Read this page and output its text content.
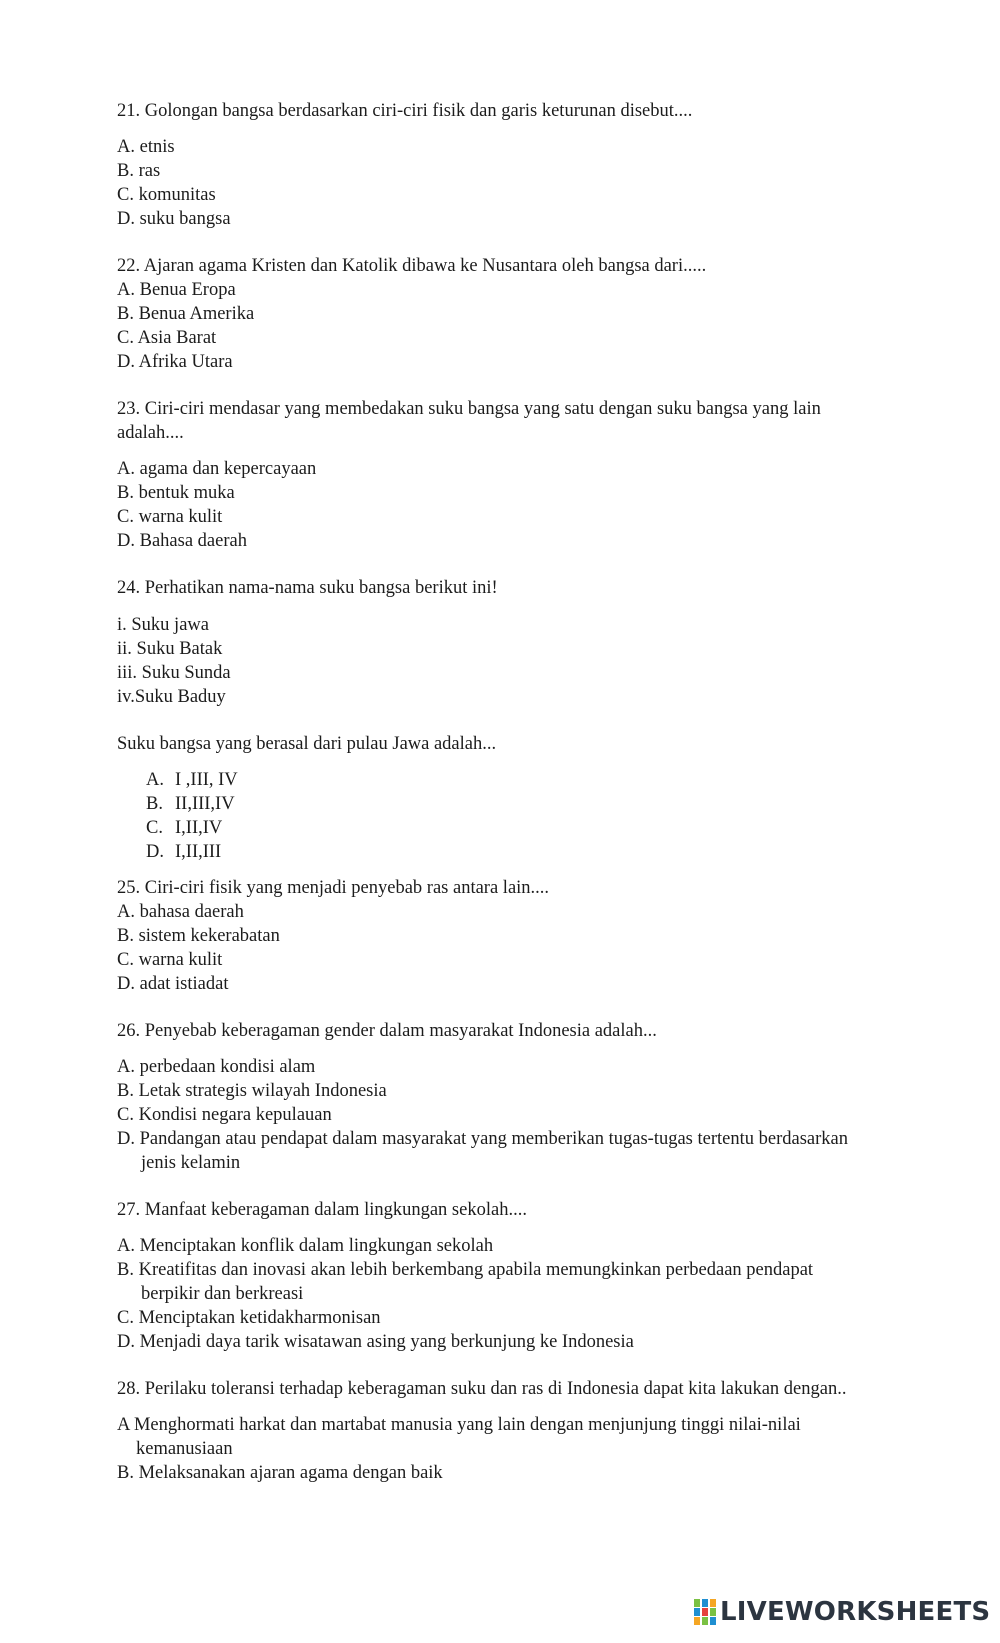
21. Golongan bangsa berdasarkan ciri-ciri fisik dan garis keturunan disebut....
A. etnis
B. ras
C. komunitas
D. suku bangsa
22. Ajaran agama Kristen dan Katolik dibawa ke Nusantara oleh bangsa dari.....
A. Benua Eropa
B. Benua Amerika
C. Asia Barat
D. Afrika Utara
23. Ciri-ciri mendasar yang membedakan suku bangsa yang satu dengan suku bangsa yang lain
adalah....
A. agama dan kepercayaan
B. bentuk muka
C. warna kulit
D. Bahasa daerah
24. Perhatikan nama-nama suku bangsa berikut ini!
i. Suku jawa
ii. Suku Batak
iii. Suku Sunda
iv.Suku Baduy
Suku bangsa yang berasal dari pulau Jawa adalah...
A. I ,III, IV
B. II,III,IV
C. I,II,IV
D. I,II,III
25. Ciri-ciri fisik yang menjadi penyebab ras antara lain....
A. bahasa daerah
B. sistem kekerabatan
C. warna kulit
D. adat istiadat
26. Penyebab keberagaman gender dalam masyarakat Indonesia adalah...
A. perbedaan kondisi alam
B. Letak strategis wilayah Indonesia
C. Kondisi negara kepulauan
D. Pandangan atau pendapat dalam masyarakat yang memberikan tugas-tugas tertentu berdasarkan
jenis kelamin
27. Manfaat keberagaman dalam lingkungan sekolah....
A. Menciptakan konflik dalam lingkungan sekolah
B. Kreatifitas dan inovasi akan lebih berkembang apabila memungkinkan perbedaan pendapat
berpikir dan berkreasi
C. Menciptakan ketidakharmonisan
D. Menjadi daya tarik wisatawan asing yang berkunjung ke Indonesia
28. Perilaku toleransi terhadap keberagaman suku dan ras di Indonesia dapat kita lakukan dengan..
A Menghormati harkat dan martabat manusia yang lain dengan menjunjung tinggi nilai-nilai
kemanusiaan
B. Melaksanakan ajaran agama dengan baik
LIVEWORKSHEETS
